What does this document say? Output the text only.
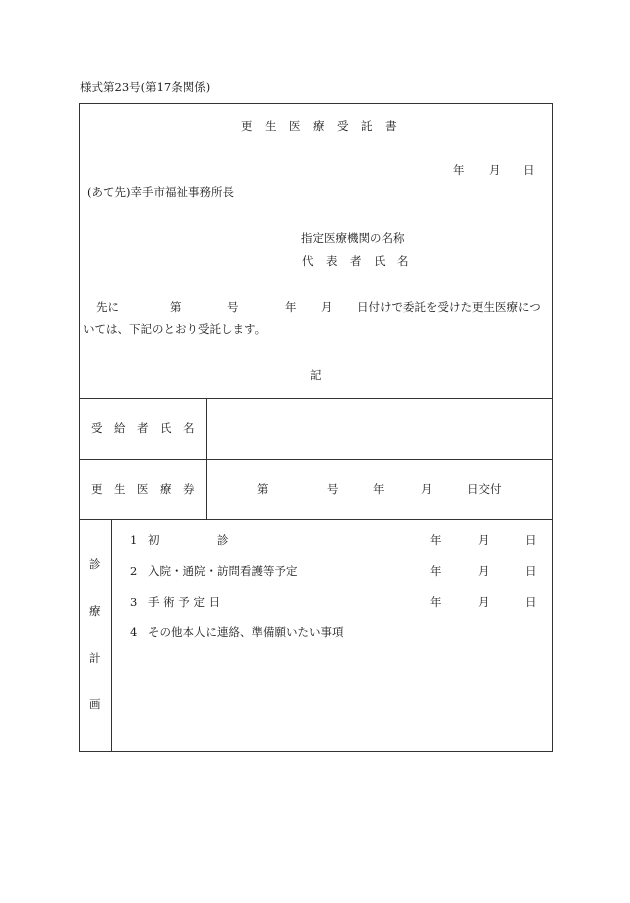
様式第23号(第17条関係)
更 生 医 療 受 託 書
年 月 日
(あて先)幸手市福祉事務所長
指定医療機関の名称
代 表 者 氏 名
先に	第	号	年 月 日付けで委託を受けた更生医療につ
いては、下記のとおり受託します。
記
受 給 者 氏 名
更 生 医 療 券	第	号	年	月	日交付
診
療
計
画
1 初	診	年	月	日
2 入院・通院・訪問看護等予定	年	月	日
3 手 術 予 定 日	年	月	日
4 その他本人に連絡、準備願いたい事項
